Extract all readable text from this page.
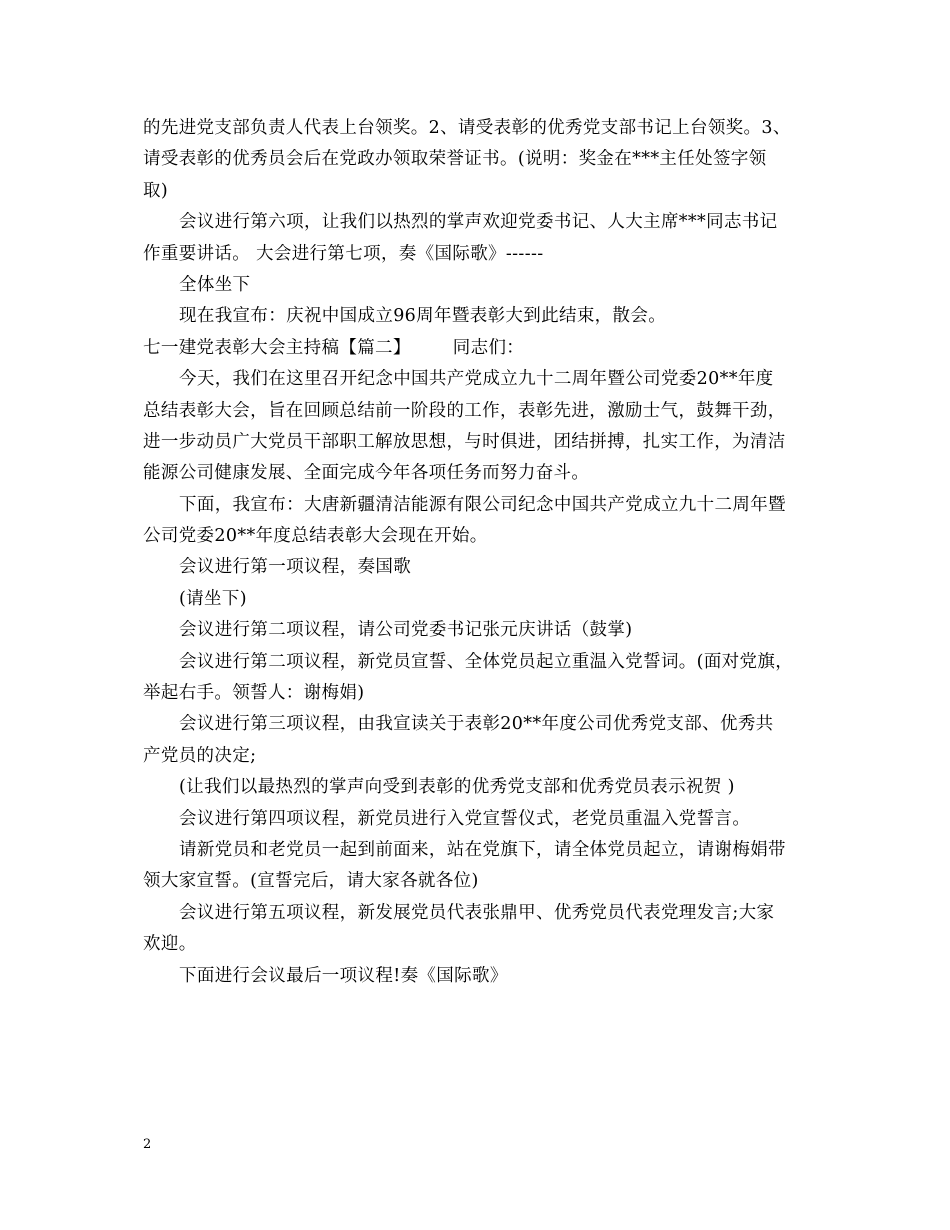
的先进党支部负责人代表上台领奖。2、请受表彰的优秀党支部书记上台领奖。3、
请受表彰的优秀员会后在党政办领取荣誉证书。(说明：奖金在***主任处签字领
取)
会议进行第六项，让我们以热烈的掌声欢迎党委书记、人大主席***同志书记
作重要讲话。 大会进行第七项，奏《国际歌》------
全体坐下
现在我宣布：庆祝中国成立96周年暨表彰大到此结束，散会。
七一建党表彰大会主持稿【篇二】 同志们：
今天，我们在这里召开纪念中国共产党成立九十二周年暨公司党委20**年度
总结表彰大会，旨在回顾总结前一阶段的工作，表彰先进，激励士气，鼓舞干劲，
进一步动员广大党员干部职工解放思想，与时俱进，团结拼搏，扎实工作，为清洁
能源公司健康发展、全面完成今年各项任务而努力奋斗。
下面，我宣布：大唐新疆清洁能源有限公司纪念中国共产党成立九十二周年暨
公司党委20**年度总结表彰大会现在开始。
会议进行第一项议程，奏国歌
(请坐下)
会议进行第二项议程，请公司党委书记张元庆讲话（鼓掌)
会议进行第二项议程，新党员宣誓、全体党员起立重温入党誓词。(面对党旗，
举起右手。领誓人：谢梅娟)
会议进行第三项议程，由我宣读关于表彰20**年度公司优秀党支部、优秀共
产党员的决定;
(让我们以最热烈的掌声向受到表彰的优秀党支部和优秀党员表示祝贺 )
会议进行第四项议程，新党员进行入党宣誓仪式，老党员重温入党誓言。
请新党员和老党员一起到前面来，站在党旗下，请全体党员起立，请谢梅娟带
领大家宣誓。(宣誓完后，请大家各就各位)
会议进行第五项议程，新发展党员代表张鼎甲、优秀党员代表党理发言;大家
欢迎。
下面进行会议最后一项议程!奏《国际歌》
2
